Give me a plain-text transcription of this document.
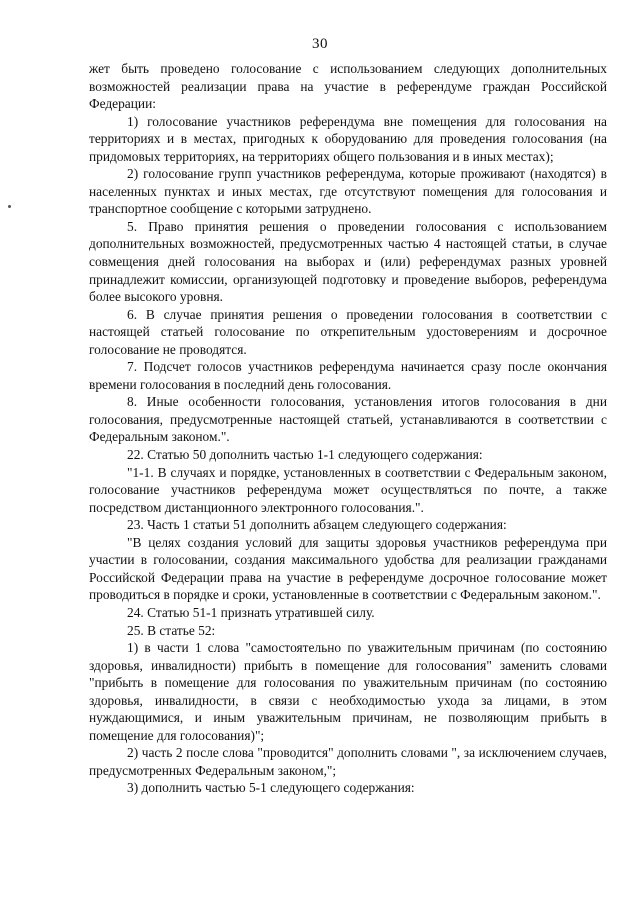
30

жет быть проведено голосование с использованием следующих дополнительных возможностей реализации права на участие в референдуме граждан Российской Федерации:

1) голосование участников референдума вне помещения для голосования на территориях и в местах, пригодных к оборудованию для проведения голосования (на придомовых территориях, на территориях общего пользования и в иных местах);

2) голосование групп участников референдума, которые проживают (находятся) в населенных пунктах и иных местах, где отсутствуют помещения для голосования и транспортное сообщение с которыми затруднено.

5. Право принятия решения о проведении голосования с использованием дополнительных возможностей, предусмотренных частью 4 настоящей статьи, в случае совмещения дней голосования на выборах и (или) референдумах разных уровней принадлежит комиссии, организующей подготовку и проведение выборов, референдума более высокого уровня.

6. В случае принятия решения о проведении голосования в соответствии с настоящей статьей голосование по открепительным удостоверениям и досрочное голосование не проводятся.

7. Подсчет голосов участников референдума начинается сразу после окончания времени голосования в последний день голосования.

8. Иные особенности голосования, установления итогов голосования в дни голосования, предусмотренные настоящей статьей, устанавливаются в соответствии с Федеральным законом.".

22. Статью 50 дополнить частью 1-1 следующего содержания:

"1-1. В случаях и порядке, установленных в соответствии с Федеральным законом, голосование участников референдума может осуществляться по почте, а также посредством дистанционного электронного голосования.".

23. Часть 1 статьи 51 дополнить абзацем следующего содержания:

"В целях создания условий для защиты здоровья участников референдума при участии в голосовании, создания максимального удобства для реализации гражданами Российской Федерации права на участие в референдуме досрочное голосование может проводиться в порядке и сроки, установленные в соответствии с Федеральным законом.".

24. Статью 51-1 признать утратившей силу.

25. В статье 52:

1) в части 1 слова "самостоятельно по уважительным причинам (по состоянию здоровья, инвалидности) прибыть в помещение для голосования" заменить словами "прибыть в помещение для голосования по уважительным причинам (по состоянию здоровья, инвалидности, в связи с необходимостью ухода за лицами, в этом нуждающимися, и иным уважительным причинам, не позволяющим прибыть в помещение для голосования)";

2) часть 2 после слова "проводится" дополнить словами ", за исключением случаев, предусмотренных Федеральным законом,";

3) дополнить частью 5-1 следующего содержания:
